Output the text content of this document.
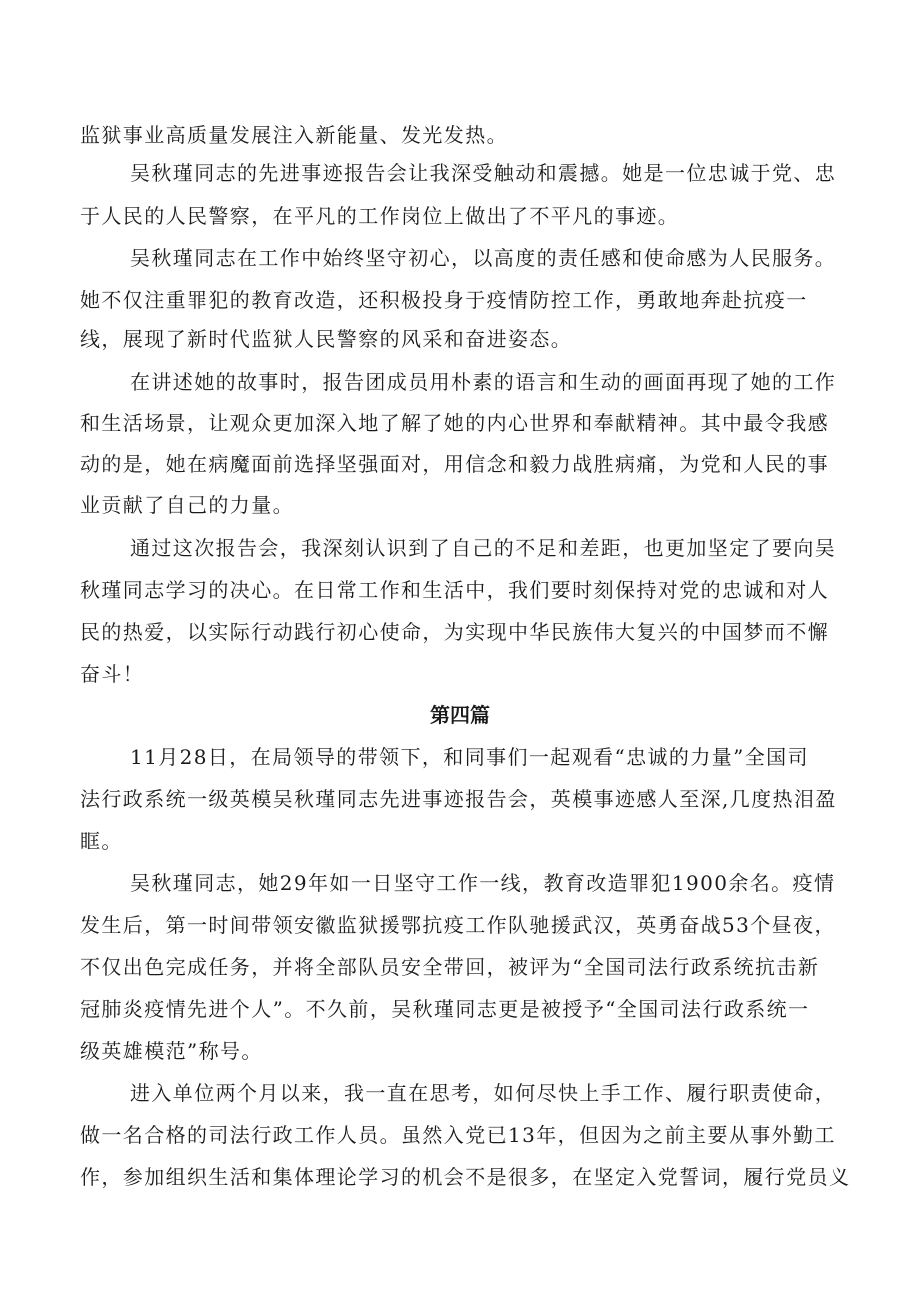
监狱事业高质量发展注入新能量、发光发热。
吴秋瑾同志的先进事迹报告会让我深受触动和震撼。她是一位忠诚于党、忠
于人民的人民警察，在平凡的工作岗位上做出了不平凡的事迹。
吴秋瑾同志在工作中始终坚守初心，以高度的责任感和使命感为人民服务。
她不仅注重罪犯的教育改造，还积极投身于疫情防控工作，勇敢地奔赴抗疫一
线，展现了新时代监狱人民警察的风采和奋进姿态。
在讲述她的故事时，报告团成员用朴素的语言和生动的画面再现了她的工作
和生活场景，让观众更加深入地了解了她的内心世界和奉献精神。其中最令我感
动的是，她在病魔面前选择坚强面对，用信念和毅力战胜病痛，为党和人民的事
业贡献了自己的力量。
通过这次报告会，我深刻认识到了自己的不足和差距，也更加坚定了要向吴
秋瑾同志学习的决心。在日常工作和生活中，我们要时刻保持对党的忠诚和对人
民的热爱，以实际行动践行初心使命，为实现中华民族伟大复兴的中国梦而不懈
奋斗！
第四篇
11月28日，在局领导的带领下，和同事们一起观看“忠诚的力量”全国司
法行政系统一级英模吴秋瑾同志先进事迹报告会，英模事迹感人至深,几度热泪盈
眶。
吴秋瑾同志，她29年如一日坚守工作一线，教育改造罪犯1900余名。疫情
发生后，第一时间带领安徽监狱援鄂抗疫工作队驰援武汉，英勇奋战53个昼夜，
不仅出色完成任务，并将全部队员安全带回，被评为“全国司法行政系统抗击新
冠肺炎疫情先进个人”。不久前，吴秋瑾同志更是被授予“全国司法行政系统一
级英雄模范”称号。
进入单位两个月以来，我一直在思考，如何尽快上手工作、履行职责使命，
做一名合格的司法行政工作人员。虽然入党已13年，但因为之前主要从事外勤工
作，参加组织生活和集体理论学习的机会不是很多，在坚定入党誓词，履行党员义
